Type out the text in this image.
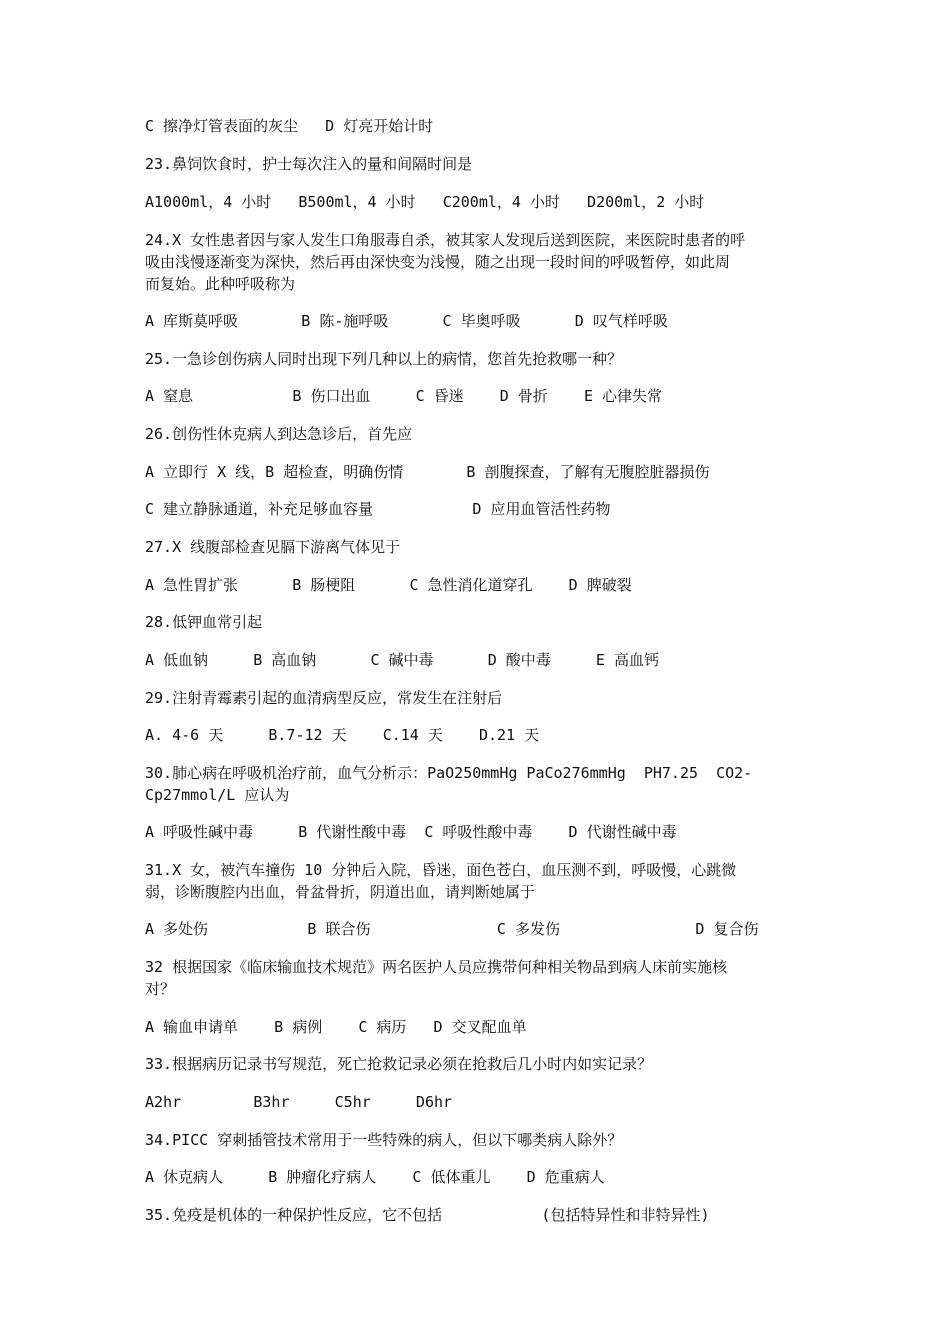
C 擦净灯管表面的灰尘   D 灯亮开始计时
23.鼻饲饮食时，护士每次注入的量和间隔时间是
A1000ml，4 小时   B500ml，4 小时   C200ml，4 小时   D200ml，2 小时
24.X 女性患者因与家人发生口角服毒自杀，被其家人发现后送到医院，来医院时患者的呼
吸由浅慢逐渐变为深快，然后再由深快变为浅慢，随之出现一段时间的呼吸暂停，如此周
而复始。此种呼吸称为
A 库斯莫呼吸       B 陈-施呼吸      C 毕奥呼吸      D 叹气样呼吸
25.一急诊创伤病人同时出现下列几种以上的病情，您首先抢救哪一种？
A 窒息           B 伤口出血     C 昏迷    D 骨折    E 心律失常
26.创伤性休克病人到达急诊后，首先应
A 立即行 X 线，B 超检查，明确伤情       B 剖腹探查，了解有无腹腔脏器损伤
C 建立静脉通道，补充足够血容量           D 应用血管活性药物
27.X 线腹部检查见膈下游离气体见于
A 急性胃扩张      B 肠梗阻      C 急性消化道穿孔    D 脾破裂
28.低钾血常引起
A 低血钠     B 高血钠      C 碱中毒      D 酸中毒     E 高血钙
29.注射青霉素引起的血清病型反应，常发生在注射后
A. 4-6 天     B.7-12 天    C.14 天    D.21 天
30.肺心病在呼吸机治疗前，血气分析示：PaO250mmHg PaCo276mmHg  PH7.25  CO2-
Cp27mmol/L 应认为
A 呼吸性碱中毒     B 代谢性酸中毒  C 呼吸性酸中毒    D 代谢性碱中毒
31.X 女，被汽车撞伤 10 分钟后入院，昏迷，面色苍白，血压测不到，呼吸慢，心跳微
弱，诊断腹腔内出血，骨盆骨折，阴道出血，请判断她属于
A 多处伤           B 联合伤              C 多发伤               D 复合伤
32 根据国家《临床输血技术规范》两名医护人员应携带何种相关物品到病人床前实施核
对？
A 输血申请单    B 病例    C 病历   D 交叉配血单
33.根据病历记录书写规范，死亡抢救记录必须在抢救后几小时内如实记录？
A2hr        B3hr     C5hr     D6hr
34.PICC 穿刺插管技术常用于一些特殊的病人，但以下哪类病人除外？
A 休克病人     B 肿瘤化疗病人    C 低体重儿    D 危重病人
35.免疫是机体的一种保护性反应，它不包括           (包括特异性和非特异性)
